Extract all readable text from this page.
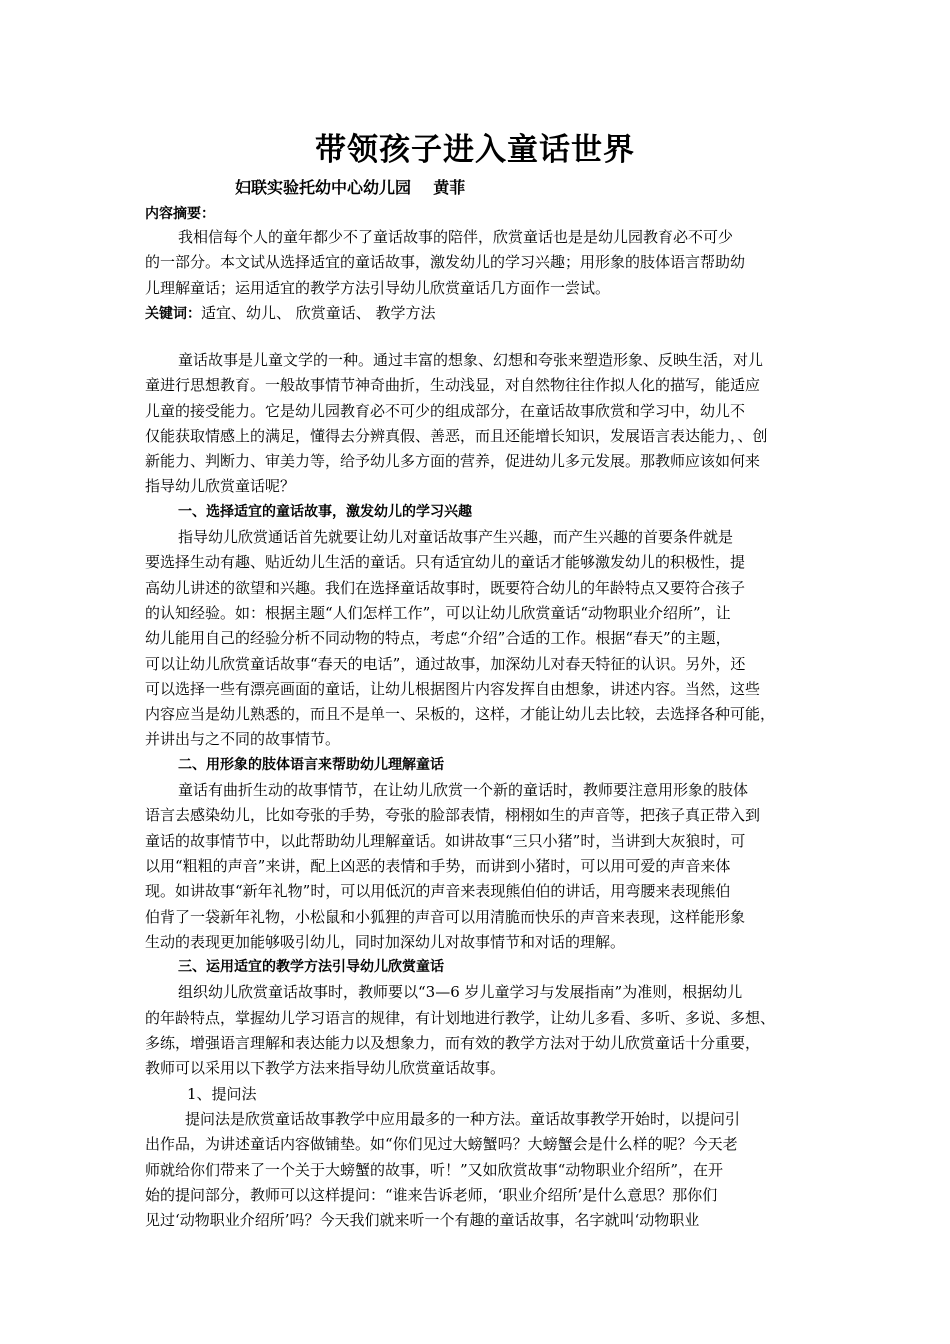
带领孩子进入童话世界
妇联实验托幼中心幼儿园    黄菲
内容摘要：
我相信每个人的童年都少不了童话故事的陪伴，欣赏童话也是是幼儿园教育必不可少
的一部分。本文试从选择适宜的童话故事，激发幼儿的学习兴趣；用形象的肢体语言帮助幼
儿理解童话；运用适宜的教学方法引导幼儿欣赏童话几方面作一尝试。
关键词：适宜、幼儿、 欣赏童话、 教学方法
童话故事是儿童文学的一种。通过丰富的想象、幻想和夸张来塑造形象、反映生活，对儿
童进行思想教育。一般故事情节神奇曲折，生动浅显，对自然物往往作拟人化的描写，能适应
儿童的接受能力。它是幼儿园教育必不可少的组成部分，在童话故事欣赏和学习中，幼儿不
仅能获取情感上的满足，懂得去分辨真假、善恶，而且还能增长知识，发展语言表达能力，、创
新能力、判断力、审美力等，给予幼儿多方面的营养，促进幼儿多元发展。那教师应该如何来
指导幼儿欣赏童话呢？
一、选择适宜的童话故事，激发幼儿的学习兴趣
指导幼儿欣赏通话首先就要让幼儿对童话故事产生兴趣，而产生兴趣的首要条件就是
要选择生动有趣、贴近幼儿生活的童话。只有适宜幼儿的童话才能够激发幼儿的积极性，提
高幼儿讲述的欲望和兴趣。我们在选择童话故事时，既要符合幼儿的年龄特点又要符合孩子
的认知经验。如：根据主题“人们怎样工作”，可以让幼儿欣赏童话“动物职业介绍所”，让
幼儿能用自己的经验分析不同动物的特点，考虑“介绍”合适的工作。根据“春天”的主题，
可以让幼儿欣赏童话故事“春天的电话”，通过故事，加深幼儿对春天特征的认识。另外，还
可以选择一些有漂亮画面的童话，让幼儿根据图片内容发挥自由想象，讲述内容。当然，这些
内容应当是幼儿熟悉的，而且不是单一、呆板的，这样，才能让幼儿去比较，去选择各种可能，
并讲出与之不同的故事情节。
二、用形象的肢体语言来帮助幼儿理解童话
童话有曲折生动的故事情节，在让幼儿欣赏一个新的童话时，教师要注意用形象的肢体
语言去感染幼儿，比如夸张的手势，夸张的脸部表情，栩栩如生的声音等，把孩子真正带入到
童话的故事情节中，以此帮助幼儿理解童话。如讲故事“三只小猪”时，当讲到大灰狼时，可
以用“粗粗的声音”来讲，配上凶恶的表情和手势，而讲到小猪时，可以用可爱的声音来体
现。如讲故事“新年礼物”时，可以用低沉的声音来表现熊伯伯的讲话，用弯腰来表现熊伯
伯背了一袋新年礼物，小松鼠和小狐狸的声音可以用清脆而快乐的声音来表现，这样能形象
生动的表现更加能够吸引幼儿，同时加深幼儿对故事情节和对话的理解。
三、运用适宜的教学方法引导幼儿欣赏童话
组织幼儿欣赏童话故事时，教师要以“3—6 岁儿童学习与发展指南”为准则，根据幼儿
的年龄特点，掌握幼儿学习语言的规律，有计划地进行教学，让幼儿多看、多听、多说、多想、
多练，增强语言理解和表达能力以及想象力，而有效的教学方法对于幼儿欣赏童话十分重要，
教师可以采用以下教学方法来指导幼儿欣赏童话故事。
1、提问法
提问法是欣赏童话故事教学中应用最多的一种方法。童话故事教学开始时，以提问引
出作品，为讲述童话内容做铺垫。如“你们见过大螃蟹吗？大螃蟹会是什么样的呢？今天老
师就给你们带来了一个关于大螃蟹的故事，听！”又如欣赏故事“动物职业介绍所”，在开
始的提问部分，教师可以这样提问：“谁来告诉老师，‘职业介绍所’是什么意思？那你们
见过‘动物职业介绍所’吗？今天我们就来听一个有趣的童话故事，名字就叫‘动物职业
